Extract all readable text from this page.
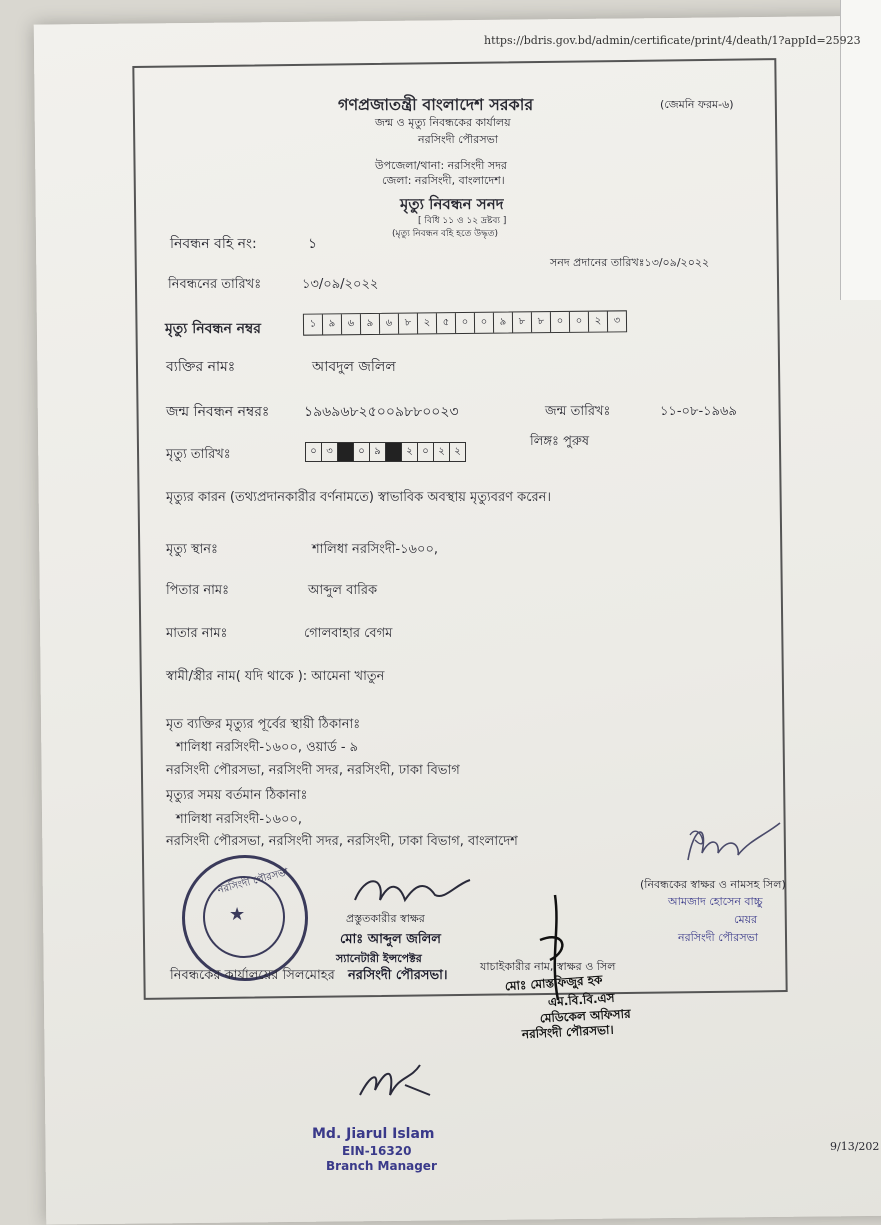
https://bdris.gov.bd/admin/certificate/print/4/death/1?appId=25923
গণপ্রজাতন্ত্রী বাংলাদেশ সরকার	(জেমনি ফরম-৬)
জন্ম ও মৃত্যু নিবন্ধকের কার্যালয়
নরসিংদী পৌরসভা
উপজেলা/থানা: নরসিংদী সদর
জেলা: নরসিংদী, বাংলাদেশ।
মৃত্যু নিবন্ধন সনদ
[ বিধি ১১ ও ১২ দ্রষ্টব্য ]
(মৃত্যু নিবন্ধন বহি হতে উদ্ধৃত)
নিবন্ধন বহি নং:	১
সনদ প্রদানের তারিখঃ১৩/০৯/২০২২
নিবন্ধনের তারিখঃ	১৩/০৯/২০২২
মৃত্যু নিবন্ধন নম্বর	১	৯	৬	৯	৬	৮	২	৫	০	০	৯	৮	৮	০	০	২	৩
ব্যক্তির নামঃ	আবদুল জলিল
জন্ম নিবন্ধন নম্বরঃ ১৯৬৯৬৮২৫০০৯৮৮০০২৩	জন্ম তারিখঃ	১১-০৮-১৯৬৯
লিঙ্গঃ পুরুষ
মৃত্যু তারিখঃ	০ ৩	০ ৯	২ ০ ২ ২
মৃত্যুর কারন (তথ্যপ্রদানকারীর বর্ণনামতে) স্বাভাবিক অবস্থায় মৃত্যুবরণ করেন।
মৃত্যু স্থানঃ	শালিধা নরসিংদী-১৬০০,
পিতার নামঃ	আব্দুল বারিক
মাতার নামঃ	গোলবাহার বেগম
স্বামী/স্ত্রীর নাম( যদি থাকে ): আমেনা খাতুন
মৃত ব্যক্তির মৃত্যুর পূর্বের স্থায়ী ঠিকানাঃ
শালিধা নরসিংদী-১৬০০, ওয়ার্ড - ৯
নরসিংদী পৌরসভা, নরসিংদী সদর, নরসিংদী, ঢাকা বিভাগ
মৃত্যুর সময় বর্তমান ঠিকানাঃ
শালিধা নরসিংদী-১৬০০,
নরসিংদী পৌরসভা, নরসিংদী সদর, নরসিংদী, ঢাকা বিভাগ, বাংলাদেশ
(নিবন্ধকের স্বাক্ষর ও নামসহ সিল)
আমজাদ হোসেন বাচ্চু
মেয়র
নরসিংদী পৌরসভা
নরসিংদী পৌরসভা
★
নিবন্ধকের কার্যালয়ের সিলমোহর
প্রস্তুতকারীর স্বাক্ষর
মোঃ আব্দুল জলিল
স্যানেটারী ইন্সপেক্টর
নরসিংদী পৌরসভা।
যাচাইকারীর নাম, স্বাক্ষর ও সিল
মোঃ মোস্তফিজুর হক
এম.বি.বি.এস
মেডিকেল অফিসার
নরসিংদী পৌরসভা।
Md. Jiarul Islam
EIN-16320
Branch Manager
9/13/202
